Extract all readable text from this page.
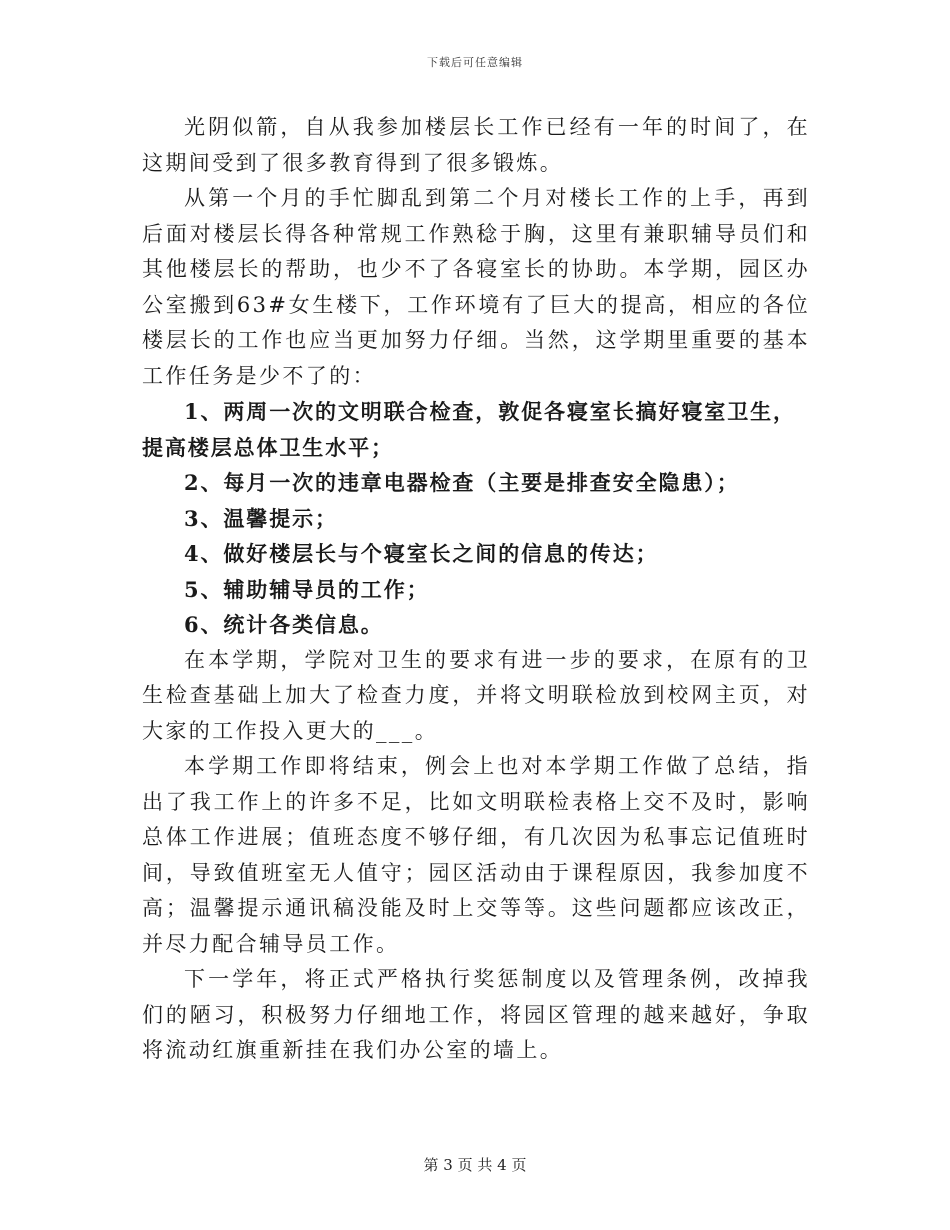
下载后可任意编辑

光阴似箭，自从我参加楼层长工作已经有一年的时间了，在这期间受到了很多教育得到了很多锻炼。

从第一个月的手忙脚乱到第二个月对楼长工作的上手，再到后面对楼层长得各种常规工作熟稔于胸，这里有兼职辅导员们和其他楼层长的帮助，也少不了各寝室长的协助。本学期，园区办公室搬到63#女生楼下，工作环境有了巨大的提高，相应的各位楼层长的工作也应当更加努力仔细。当然，这学期里重要的基本工作任务是少不了的：

1、两周一次的文明联合检查，敦促各寝室长搞好寝室卫生，提高楼层总体卫生水平；

2、每月一次的违章电器检查（主要是排查安全隐患）；

3、温馨提示；

4、做好楼层长与个寝室长之间的信息的传达；

5、辅助辅导员的工作；

6、统计各类信息。

在本学期，学院对卫生的要求有进一步的要求，在原有的卫生检查基础上加大了检查力度，并将文明联检放到校网主页，对大家的工作投入更大的___。

本学期工作即将结束，例会上也对本学期工作做了总结，指出了我工作上的许多不足，比如文明联检表格上交不及时，影响总体工作进展；值班态度不够仔细，有几次因为私事忘记值班时间，导致值班室无人值守；园区活动由于课程原因，我参加度不高；温馨提示通讯稿没能及时上交等等。这些问题都应该改正，并尽力配合辅导员工作。

下一学年，将正式严格执行奖惩制度以及管理条例，改掉我们的陋习，积极努力仔细地工作，将园区管理的越来越好，争取将流动红旗重新挂在我们办公室的墙上。

第 3 页 共 4 页
